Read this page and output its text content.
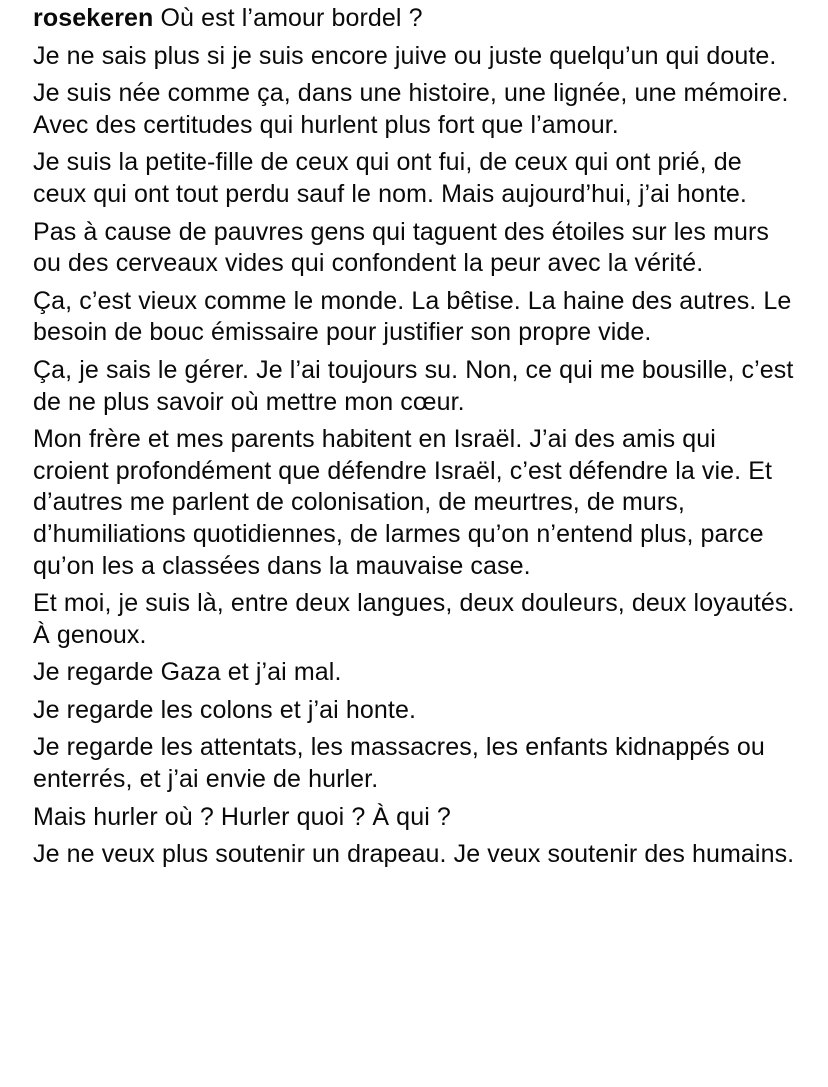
rosekeren Où est l’amour bordel ?

Je ne sais plus si je suis encore juive ou juste quelqu’un qui doute.

Je suis née comme ça, dans une histoire, une lignée, une mémoire. Avec des certitudes qui hurlent plus fort que l’amour.

Je suis la petite-fille de ceux qui ont fui, de ceux qui ont prié, de ceux qui ont tout perdu sauf le nom. Mais aujourd’hui, j’ai honte.

Pas à cause de pauvres gens qui taguent des étoiles sur les murs ou des cerveaux vides qui confondent la peur avec la vérité.

Ça, c’est vieux comme le monde. La bêtise. La haine des autres. Le besoin de bouc émissaire pour justifier son propre vide.

Ça, je sais le gérer. Je l’ai toujours su. Non, ce qui me bousille, c’est de ne plus savoir où mettre mon cœur.

Mon frère et mes parents habitent en Israël. J’ai des amis qui croient profondément que défendre Israël, c’est défendre la vie. Et d’autres me parlent de colonisation, de meurtres, de murs, d’humiliations quotidiennes, de larmes qu’on n’entend plus, parce qu’on les a classées dans la mauvaise case.

Et moi, je suis là, entre deux langues, deux douleurs, deux loyautés. À genoux.

Je regarde Gaza et j’ai mal.

Je regarde les colons et j’ai honte.

Je regarde les attentats, les massacres, les enfants kidnappés ou enterrés, et j’ai envie de hurler.

Mais hurler où ? Hurler quoi ? À qui ?

Je ne veux plus soutenir un drapeau. Je veux soutenir des humains.
